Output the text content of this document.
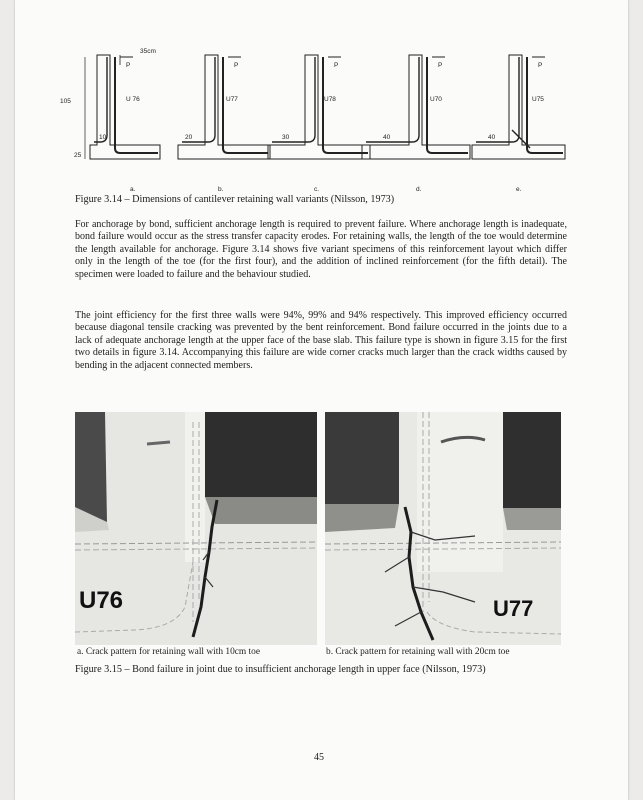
35cm
105
25
P	P	P	P	P
U 76	U77	U78	U70	U75
10	20	30	40	40
a.	b.	c.	d.	e.
Figure 3.14 – Dimensions of cantilever retaining wall variants (Nilsson, 1973)

For anchorage by bond, sufficient anchorage length is required to prevent failure. Where anchorage length is inadequate, bond failure would occur as the stress transfer capacity erodes. For retaining walls, the length of the toe would determine the length available for anchorage. Figure 3.14 shows five variant specimens of this reinforcement layout which differ only in the length of the toe (for the first four), and the addition of inclined reinforcement (for the fifth detail). The specimen were loaded to failure and the behaviour studied.

The joint efficiency for the first three walls were 94%, 99% and 94% respectively. This improved efficiency occurred because diagonal tensile cracking was prevented by the bent reinforcement. Bond failure occurred in the joints due to a lack of adequate anchorage length at the upper face of the base slab. This failure type is shown in figure 3.15 for the first two details in figure 3.14. Accompanying this failure are wide corner cracks much larger than the crack widths caused by bending in the adjacent connected members.

U76	U77
a. Crack pattern for retaining wall with 10cm toe	b. Crack pattern for retaining wall with 20cm toe
Figure 3.15 – Bond failure in joint due to insufficient anchorage length in upper face (Nilsson, 1973)
45
